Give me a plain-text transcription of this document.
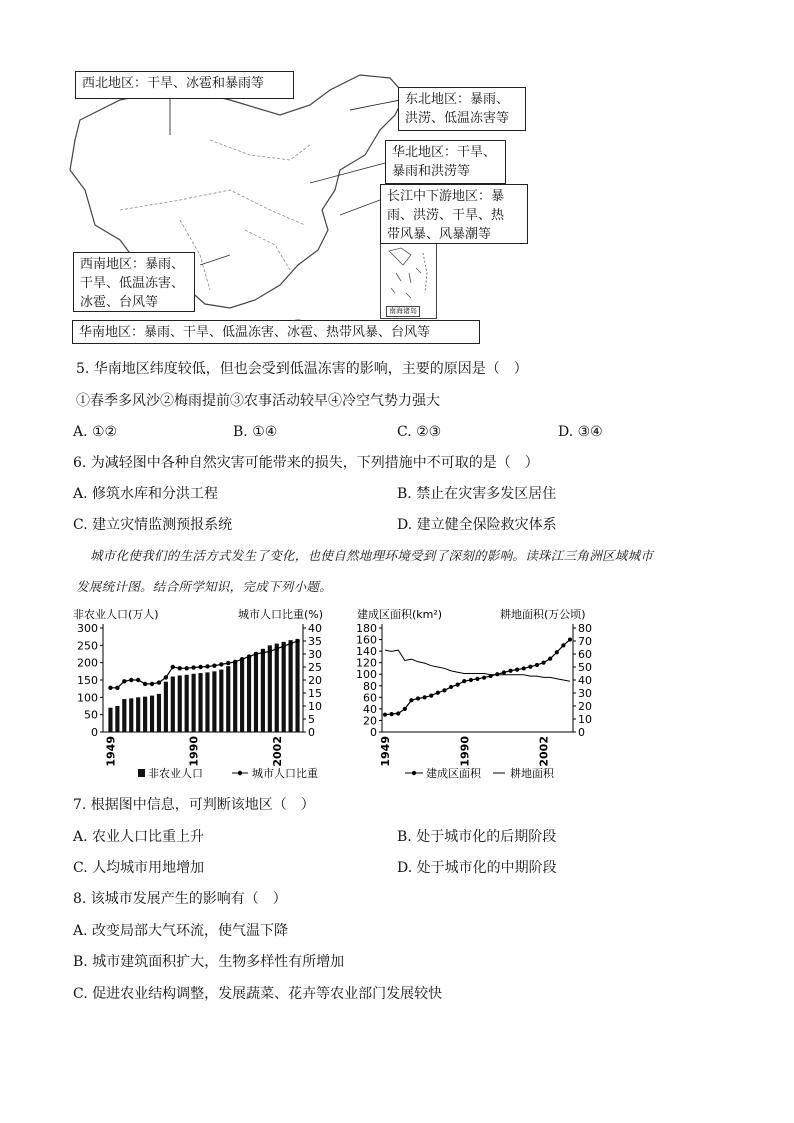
南海诸岛
西北地区：干旱、冰雹和暴雨等
东北地区：暴雨、
洪涝、低温冻害等
华北地区：干旱、
暴雨和洪涝等
长江中下游地区：暴
雨、洪涝、干旱、热
带风暴、风暴潮等
西南地区：暴雨、
干旱、低温冻害、
冰雹、台风等
华南地区：暴雨、干旱、低温冻害、冰雹、热带风暴、台风等
5. 华南地区纬度较低，但也会受到低温冻害的影响，主要的原因是（　）
①春季多风沙②梅雨提前③农事活动较早④冷空气势力强大
A. ①②	B. ①④	C. ②③	D. ③④
6. 为减轻图中各种自然灾害可能带来的损失，下列措施中不可取的是（　）
A. 修筑水库和分洪工程	B. 禁止在灾害多发区居住
C. 建立灾情监测预报系统	D. 建立健全保险救灾体系
城市化使我们的生活方式发生了变化，也使自然地理环境受到了深刻的影响。读珠江三角洲区域城市
发展统计图。结合所学知识，完成下列小题。
非农业人口(万人)	城市人口比重(%)
0
50
100
150
200
250
300
0
5
10
15
20
25
30
35
40
1949	1990	2002
非农业人口	城市人口比重
建成区面积(km²)	耕地面积(万公顷)
0
20
40
60
80
100
120
140
160
180
0
10
20
30
40
50
60
70
80
1949	1990	2002
建成区面积	耕地面积
7. 根据图中信息，可判断该地区（　）
A. 农业人口比重上升	B. 处于城市化的后期阶段
C. 人均城市用地增加	D. 处于城市化的中期阶段
8. 该城市发展产生的影响有（　）
A. 改变局部大气环流，使气温下降
B. 城市建筑面积扩大，生物多样性有所增加
C. 促进农业结构调整，发展蔬菜、花卉等农业部门发展较快
